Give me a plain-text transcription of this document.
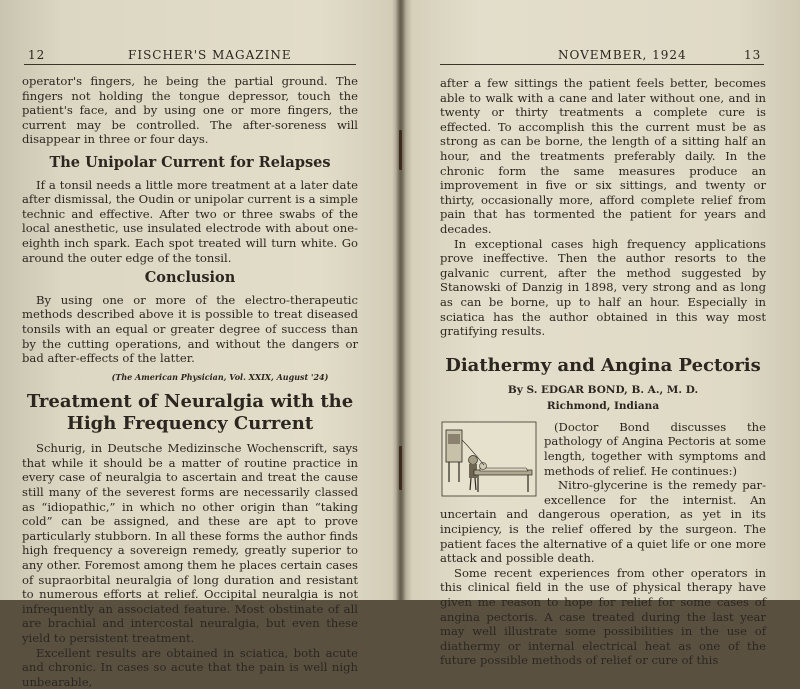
12	FISCHER'S MAGAZINE

operator's fingers, he being the partial ground. The fingers not holding the tongue depressor, touch the patient's face, and by using one or more fingers, the current may be controlled. The after-soreness will disappear in three or four days.

The Unipolar Current for Relapses

If a tonsil needs a little more treatment at a later date after dismissal, the Oudin or unipolar current is a simple technic and effective. After two or three swabs of the local anesthetic, use insulated electrode with about one-eighth inch spark. Each spot treated will turn white. Go around the outer edge of the tonsil.

Conclusion

By using one or more of the electro-therapeutic methods described above it is possible to treat diseased tonsils with an equal or greater degree of success than by the cutting operations, and without the dangers or bad after-effects of the latter.

(The American Physician, Vol. XXIX, August '24)
Treatment of Neuralgia with the High Frequency Current

Schurig, in Deutsche Medizinsche Wochenscrift, says that while it should be a matter of routine practice in every case of neuralgia to ascertain and treat the cause still many of the severest forms are necessarily classed as “idiopathic,” in which no other origin than “taking cold” can be assigned, and these are apt to prove particularly stubborn. In all these forms the author finds high frequency a sovereign remedy, greatly superior to any other. Foremost among them he places certain cases of supraorbital neuralgia of long duration and resistant to numerous efforts at relief. Occipital neuralgia is not infrequently an associated feature. Most obstinate of all are brachial and intercostal neuralgia, but even these yield to persistent treatment.

Excellent results are obtained in sciatica, both acute and chronic. In cases so acute that the pain is well nigh unbearable,

NOVEMBER, 1924	13

after a few sittings the patient feels better, becomes able to walk with a cane and later without one, and in twenty or thirty treatments a complete cure is effected. To accomplish this the current must be as strong as can be borne, the length of a sitting half an hour, and the treatments preferably daily. In the chronic form the same measures produce an improvement in five or six sittings, and twenty or thirty, occasionally more, afford complete relief from pain that has tormented the patient for years and decades.

In exceptional cases high frequency applications prove ineffective. Then the author resorts to the galvanic current, after the method suggested by Stanowski of Danzig in 1898, very strong and as long as can be borne, up to half an hour. Especially in sciatica has the author obtained in this way most gratifying results.

Diathermy and Angina Pectoris
By S. EDGAR BOND, B. A., M. D.
Richmond, Indiana

(Doctor Bond discusses the pathology of Angina Pectoris at some length, together with symptoms and methods of relief. He continues:)

Nitro-glycerine is the remedy par-excellence for the internist. An uncertain and dangerous operation, as yet in its incipiency, is the relief offered by the surgeon. The patient faces the alternative of a quiet life or one more attack and possible death.

Some recent experiences from other operators in this clinical field in the use of physical therapy have given me reason to hope for relief for some cases of angina pectoris. A case treated during the last year may well illustrate some possibilities in the use of diathermy or internal electrical heat as one of the future possible methods of relief or cure of this
